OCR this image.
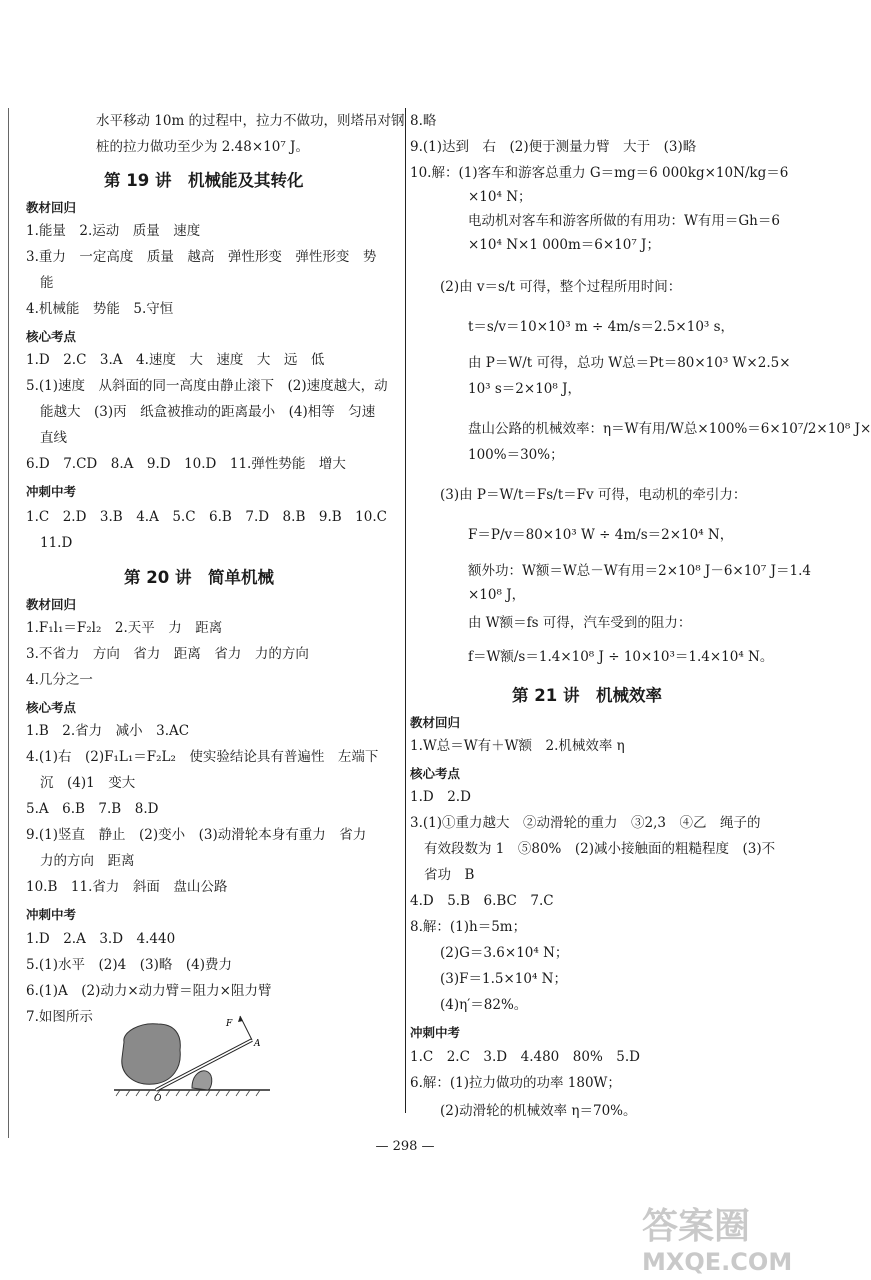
水平移动 10m 的过程中，拉力不做功，则塔吊对钢
桩的拉力做功至少为 2.48×10⁷ J。
第 19 讲　机械能及其转化
教材回归
1.能量　2.运动　质量　速度
3.重力　一定高度　质量　越高　弹性形变　弹性形变　势
能
4.机械能　势能　5.守恒
核心考点
1.D　2.C　3.A　4.速度　大　速度　大　远　低
5.(1)速度　从斜面的同一高度由静止滚下　(2)速度越大，动
能越大　(3)丙　纸盒被推动的距离最小　(4)相等　匀速
直线
6.D　7.CD　8.A　9.D　10.D　11.弹性势能　增大
冲刺中考
1.C　2.D　3.B　4.A　5.C　6.B　7.D　8.B　9.B　10.C
11.D
第 20 讲　简单机械
教材回归
1.F₁l₁＝F₂l₂　2.天平　力　距离
3.不省力　方向　省力　距离　省力　力的方向
4.几分之一
核心考点
1.B　2.省力　减小　3.AC
4.(1)右　(2)F₁L₁＝F₂L₂　使实验结论具有普遍性　左端下
沉　(4)1　变大
5.A　6.B　7.B　8.D
9.(1)竖直　静止　(2)变小　(3)动滑轮本身有重力　省力
力的方向　距离
10.B　11.省力　斜面　盘山公路
冲刺中考
1.D　2.A　3.D　4.440
5.(1)水平　(2)4　(3)略　(4)费力
6.(1)A　(2)动力×动力臂＝阻力×阻力臂
7.如图所示	F
A
O
8.略
9.(1)达到　右　(2)便于测量力臂　大于　(3)略
10.解：(1)客车和游客总重力 G＝mg＝6 000kg×10N/kg＝6
×10⁴ N；
电动机对客车和游客所做的有用功：W有用＝Gh＝6
×10⁴ N×1 000m＝6×10⁷ J；
(2)由 v＝s/t 可得，整个过程所用时间：
t＝s/v＝10×10³ m ÷ 4m/s＝2.5×10³ s，
由 P＝W/t 可得，总功 W总＝Pt＝80×10³ W×2.5×
10³ s＝2×10⁸ J，
盘山公路的机械效率：η＝W有用/W总×100%＝6×10⁷/2×10⁸ J×
100%＝30%；
(3)由 P＝W/t＝Fs/t＝Fv 可得，电动机的牵引力：
F＝P/v＝80×10³ W ÷ 4m/s＝2×10⁴ N，
额外功：W额＝W总－W有用＝2×10⁸ J－6×10⁷ J＝1.4
×10⁸ J，
由 W额＝fs 可得，汽车受到的阻力：
f＝W额/s＝1.4×10⁸ J ÷ 10×10³＝1.4×10⁴ N。
第 21 讲　机械效率
教材回归
1.W总＝W有＋W额　2.机械效率 η
核心考点
1.D　2.D
3.(1)①重力越大　②动滑轮的重力　③2,3　④乙　绳子的
有效段数为 1　⑤80%　(2)减小接触面的粗糙程度　(3)不
省功　B
4.D　5.B　6.BC　7.C
8.解：(1)h＝5m；
(2)G＝3.6×10⁴ N；
(3)F＝1.5×10⁴ N；
(4)η′＝82%。
冲刺中考
1.C　2.C　3.D　4.480　80%　5.D
6.解：(1)拉力做功的功率 180W；
(2)动滑轮的机械效率 η＝70%。
— 298 —
答案圈
MXQE.COM
